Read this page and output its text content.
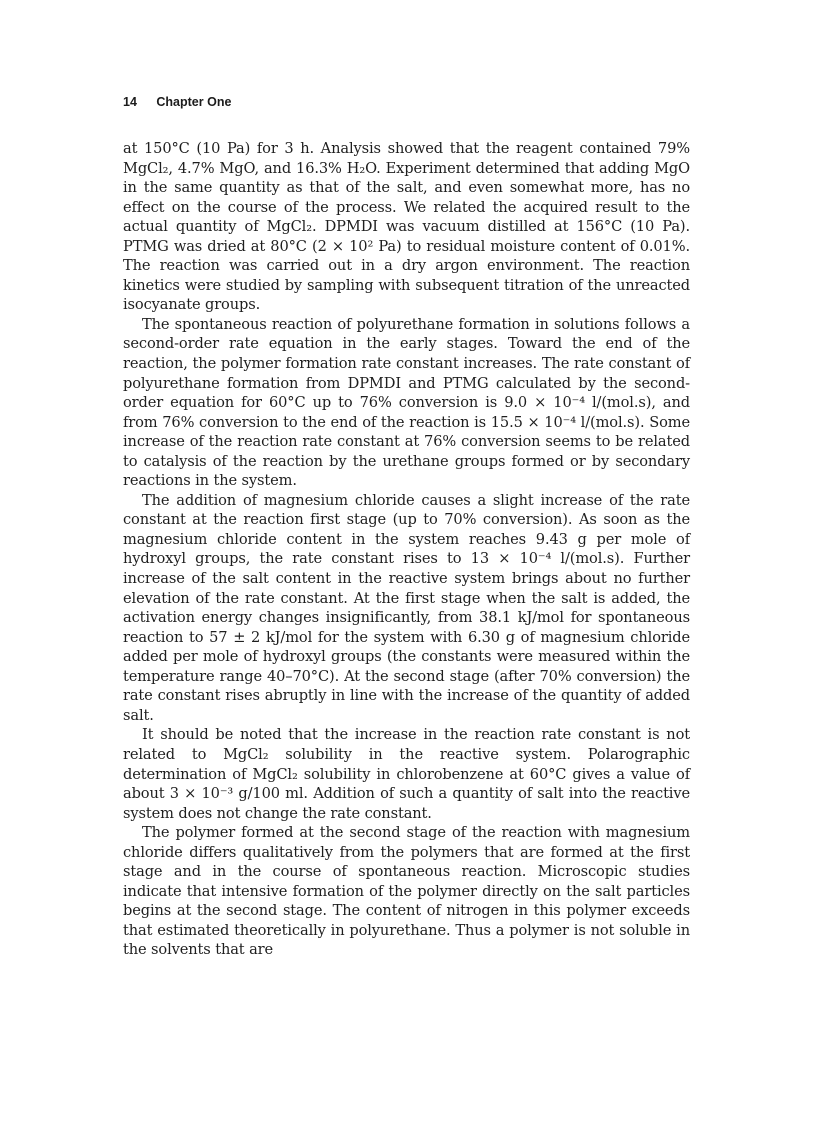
14 Chapter One

at 150°C (10 Pa) for 3 h. Analysis showed that the reagent contained 79% MgCl₂, 4.7% MgO, and 16.3% H₂O. Experiment determined that adding MgO in the same quantity as that of the salt, and even somewhat more, has no effect on the course of the process. We related the acquired result to the actual quantity of MgCl₂. DPMDI was vacuum distilled at 156°C (10 Pa). PTMG was dried at 80°C (2 × 10² Pa) to residual moisture content of 0.01%. The reaction was carried out in a dry argon environment. The reaction kinetics were studied by sampling with subsequent titration of the unreacted isocyanate groups.

The spontaneous reaction of polyurethane formation in solutions follows a second-order rate equation in the early stages. Toward the end of the reaction, the polymer formation rate constant increases. The rate constant of polyurethane formation from DPMDI and PTMG calculated by the second-order equation for 60°C up to 76% conversion is 9.0 × 10⁻⁴ l/(mol.s), and from 76% conversion to the end of the reaction is 15.5 × 10⁻⁴ l/(mol.s). Some increase of the reaction rate constant at 76% conversion seems to be related to catalysis of the reaction by the urethane groups formed or by secondary reactions in the system.

The addition of magnesium chloride causes a slight increase of the rate constant at the reaction first stage (up to 70% conversion). As soon as the magnesium chloride content in the system reaches 9.43 g per mole of hydroxyl groups, the rate constant rises to 13 × 10⁻⁴ l/(mol.s). Further increase of the salt content in the reactive system brings about no further elevation of the rate constant. At the first stage when the salt is added, the activation energy changes insignificantly, from 38.1 kJ/mol for spontaneous reaction to 57 ± 2 kJ/mol for the system with 6.30 g of magnesium chloride added per mole of hydroxyl groups (the constants were measured within the temperature range 40–70°C). At the second stage (after 70% conversion) the rate constant rises abruptly in line with the increase of the quantity of added salt.

It should be noted that the increase in the reaction rate constant is not related to MgCl₂ solubility in the reactive system. Polarographic determination of MgCl₂ solubility in chlorobenzene at 60°C gives a value of about 3 × 10⁻³ g/100 ml. Addition of such a quantity of salt into the reactive system does not change the rate constant.

The polymer formed at the second stage of the reaction with magnesium chloride differs qualitatively from the polymers that are formed at the first stage and in the course of spontaneous reaction. Microscopic studies indicate that intensive formation of the polymer directly on the salt particles begins at the second stage. The content of nitrogen in this polymer exceeds that estimated theoretically in polyurethane. Thus a polymer is not soluble in the solvents that are
